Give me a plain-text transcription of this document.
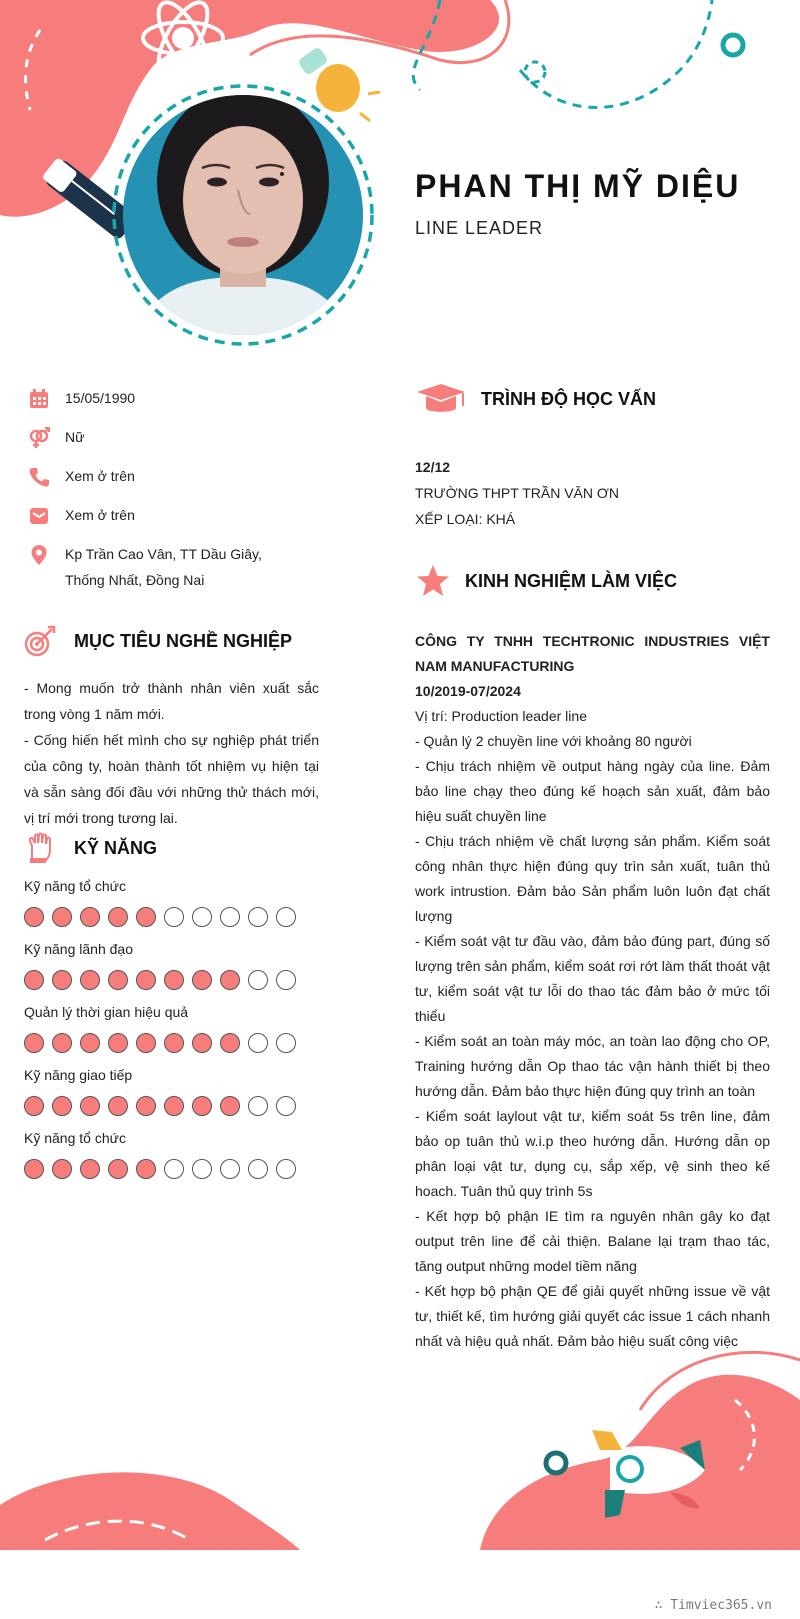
PHAN THỊ MỸ DIỆU
LINE LEADER
15/05/1990
Nữ
Xem ở trên
Xem ở trên
Kp Trần Cao Vân, TT Dầu Giây, Thống Nhất, Đồng Nai
MỤC TIÊU NGHỀ NGHIỆP
- Mong muốn trở thành nhân viên xuất sắc trong vòng 1 năm mới.
- Cống hiến hết mình cho sự nghiệp phát triển của công ty, hoàn thành tốt nhiệm vụ hiện tại và sẵn sàng đối đầu với những thử thách mới, vị trí mới trong tương lai.
KỸ NĂNG
Kỹ năng tổ chức
Kỹ năng lãnh đạo
Quản lý thời gian hiệu quả
Kỹ năng giao tiếp
Kỹ năng tổ chức
TRÌNH ĐỘ HỌC VẤN
12/12
TRƯỜNG THPT TRẦN VĂN ƠN
XẾP LOẠI: KHÁ
KINH NGHIỆM LÀM VIỆC
CÔNG TY TNHH TECHTRONIC INDUSTRIES VIỆT NAM MANUFACTURING
10/2019-07/2024
Vị trí: Production leader line
- Quản lý 2 chuyền line với khoảng 80 người
- Chịu trách nhiệm về output hàng ngày của line. Đảm bảo line chạy theo đúng kế hoạch sản xuất, đảm bảo hiệu suất chuyền line
- Chịu trách nhiệm về chất lượng sản phẩm. Kiểm soát công nhân thực hiện đúng quy trìn sản xuất, tuân thủ work intrustion. Đảm bảo Sản phẩm luôn luôn đạt chất lượng
- Kiểm soát vật tư đầu vào, đảm bảo đúng part, đúng số lượng trên sản phẩm, kiểm soát rơi rớt làm thất thoát vật tư, kiểm soát vật tư lỗi do thao tác đảm bảo ở mức tối thiểu
- Kiểm soát an toàn máy móc, an toàn lao động cho OP, Training hướng dẫn Op thao tác vận hành thiết bị theo hướng dẫn. Đảm bảo thực hiện đúng quy trình an toàn
- Kiểm soát laylout vật tư, kiểm soát 5s trên line, đảm bảo op tuân thủ w.i.p theo hướng dẫn. Hướng dẫn op phân loại vật tư, dụng cụ, sắp xếp, vệ sinh theo kế hoach. Tuân thủ quy trình 5s
- Kết hợp bộ phận IE tìm ra nguyên nhân gây ko đạt output trên line để cải thiện. Balane lại trạm thao tác, tăng output những model tiềm năng
- Kết hợp bộ phận QE để giải quyết những issue về vật tư, thiết kế, tìm hướng giải quyết các issue 1 cách nhanh nhất và hiệu quả nhất. Đảm bảo hiệu suất công việc
∴ Timviec365.vn
